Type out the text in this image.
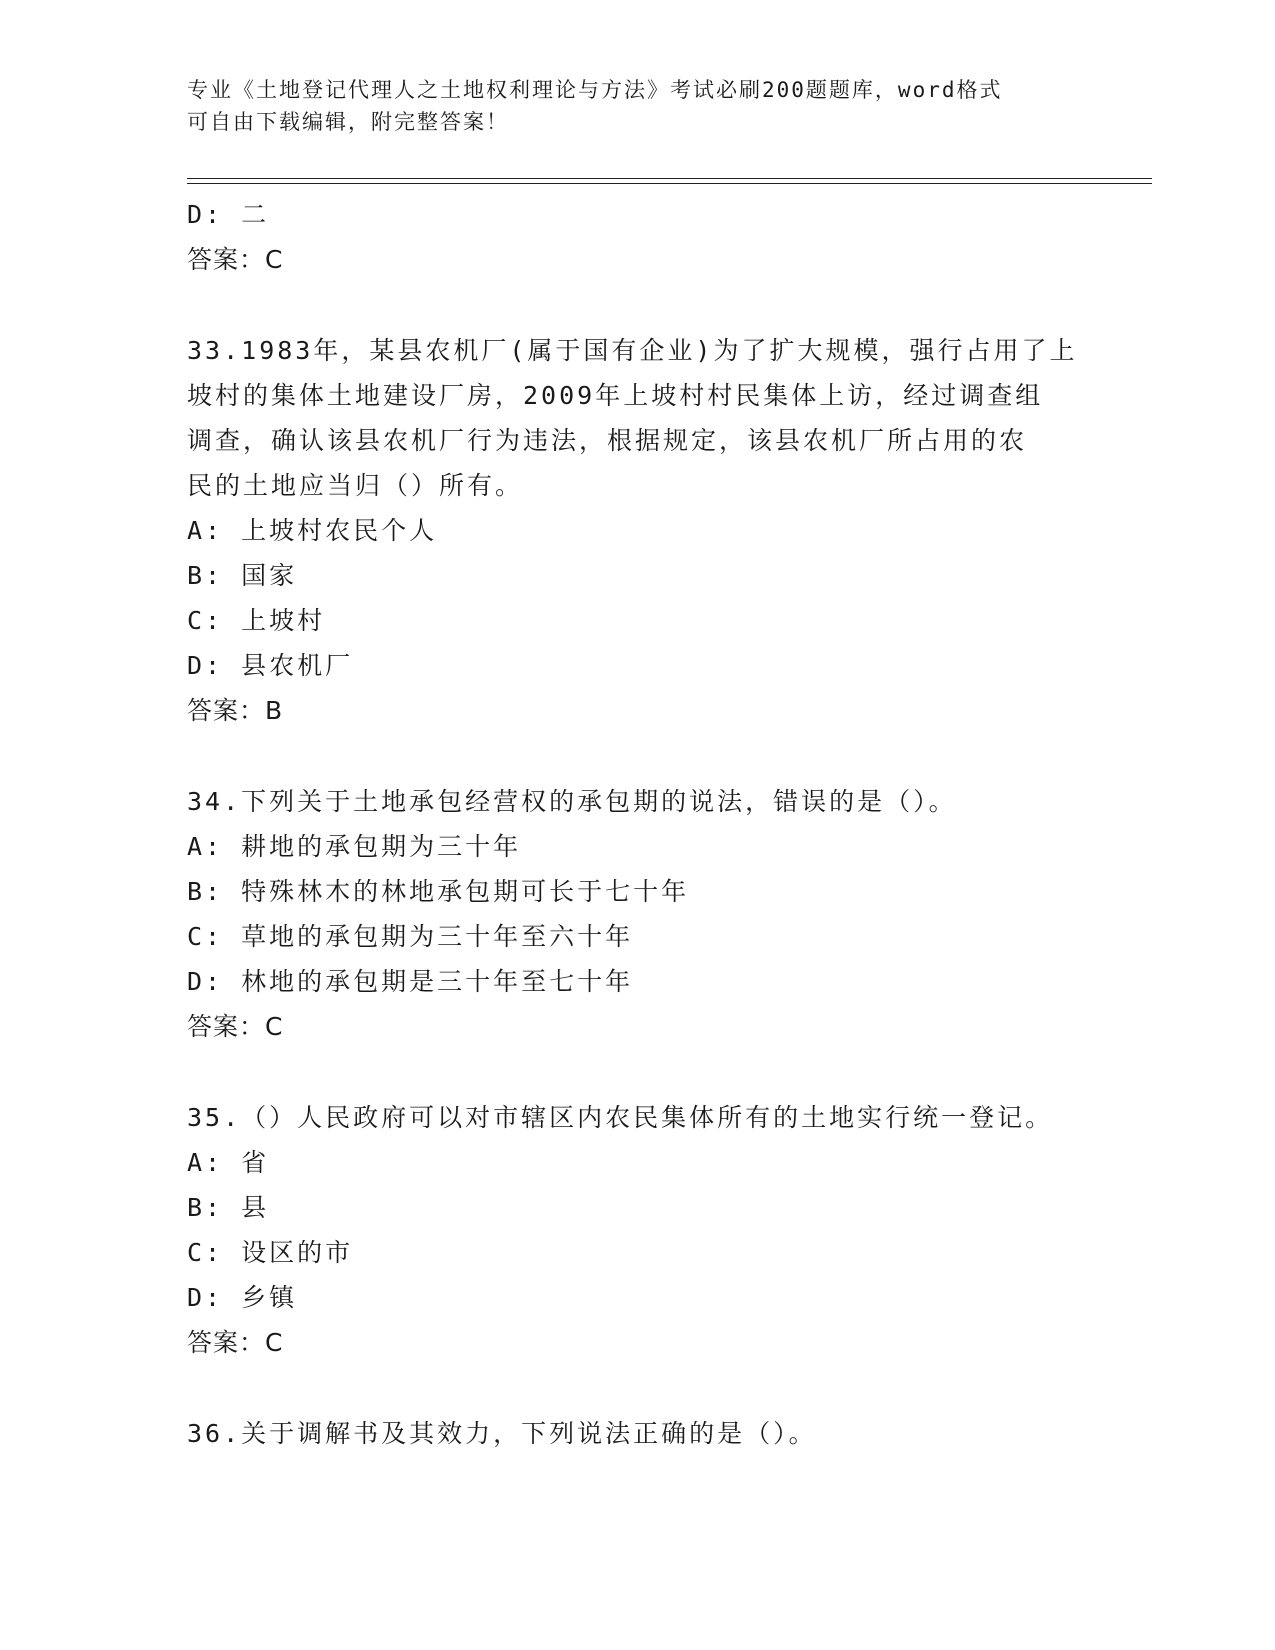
专业《土地登记代理人之土地权利理论与方法》考试必刷200题题库，word格式
可自由下载编辑，附完整答案！
D: 二
答案：C
33.1983年，某县农机厂(属于国有企业)为了扩大规模，强行占用了上
坡村的集体土地建设厂房，2009年上坡村村民集体上访，经过调查组
调查，确认该县农机厂行为违法，根据规定，该县农机厂所占用的农
民的土地应当归（）所有。
A: 上坡村农民个人
B: 国家
C: 上坡村
D: 县农机厂
答案：B
34.下列关于土地承包经营权的承包期的说法，错误的是（）。
A: 耕地的承包期为三十年
B: 特殊林木的林地承包期可长于七十年
C: 草地的承包期为三十年至六十年
D: 林地的承包期是三十年至七十年
答案：C
35.（）人民政府可以对市辖区内农民集体所有的土地实行统一登记。
A: 省
B: 县
C: 设区的市
D: 乡镇
答案：C
36.关于调解书及其效力，下列说法正确的是（）。
